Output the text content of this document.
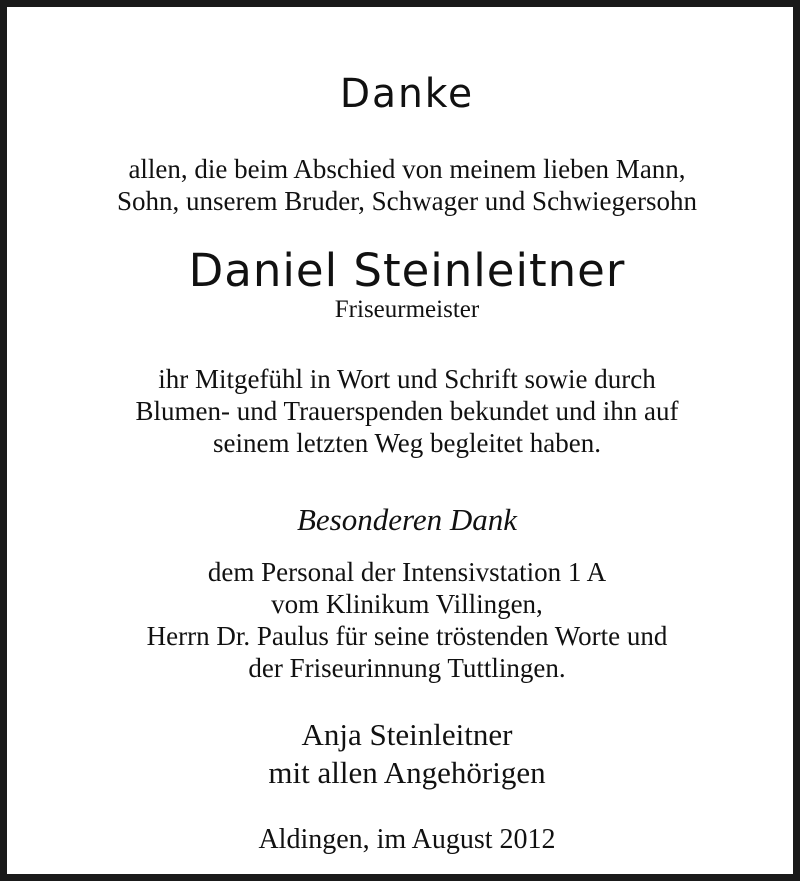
Danke
allen, die beim Abschied von meinem lieben Mann,
Sohn, unserem Bruder, Schwager und Schwiegersohn
Daniel Steinleitner
Friseurmeister
ihr Mitgefühl in Wort und Schrift sowie durch
Blumen- und Trauerspenden bekundet und ihn auf
seinem letzten Weg begleitet haben.
Besonderen Dank
dem Personal der Intensivstation 1 A
vom Klinikum Villingen,
Herrn Dr. Paulus für seine tröstenden Worte und
der Friseurinnung Tuttlingen.
Anja Steinleitner
mit allen Angehörigen
Aldingen, im August 2012
